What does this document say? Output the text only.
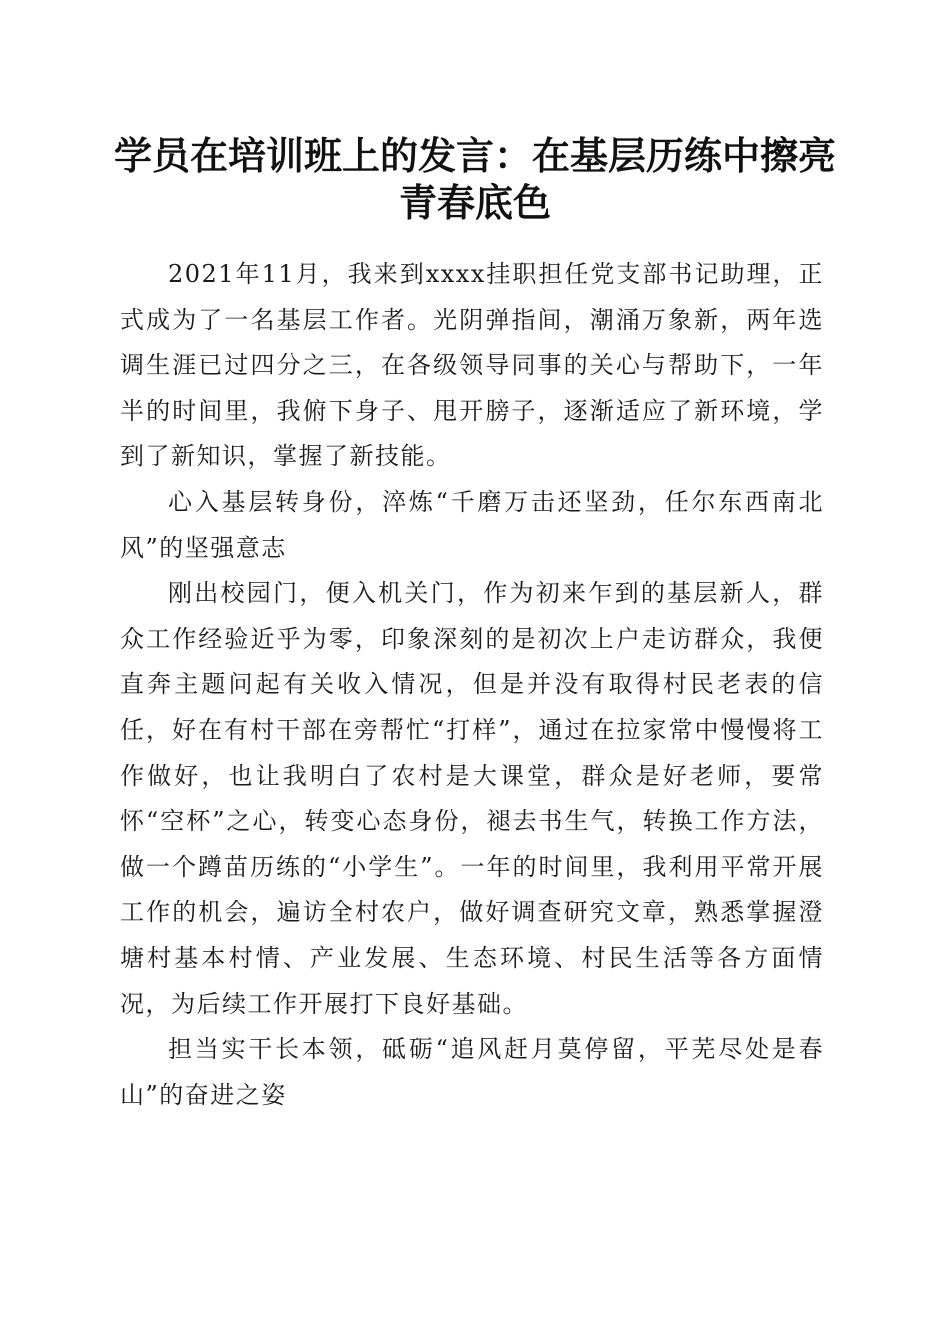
学员在培训班上的发言：在基层历练中擦亮青春底色

2021年11月，我来到xxxx挂职担任党支部书记助理，正式成为了一名基层工作者。光阴弹指间，潮涌万象新，两年选调生涯已过四分之三，在各级领导同事的关心与帮助下，一年半的时间里，我俯下身子、甩开膀子，逐渐适应了新环境，学到了新知识，掌握了新技能。

心入基层转身份，淬炼“千磨万击还坚劲，任尔东西南北风”的坚强意志

刚出校园门，便入机关门，作为初来乍到的基层新人，群众工作经验近乎为零，印象深刻的是初次上户走访群众，我便直奔主题问起有关收入情况，但是并没有取得村民老表的信任，好在有村干部在旁帮忙“打样”，通过在拉家常中慢慢将工作做好，也让我明白了农村是大课堂，群众是好老师，要常怀“空杯”之心，转变心态身份，褪去书生气，转换工作方法，做一个蹲苗历练的“小学生”。一年的时间里，我利用平常开展工作的机会，遍访全村农户，做好调查研究文章，熟悉掌握澄塘村基本村情、产业发展、生态环境、村民生活等各方面情况，为后续工作开展打下良好基础。

担当实干长本领，砥砺“追风赶月莫停留，平芜尽处是春山”的奋进之姿
